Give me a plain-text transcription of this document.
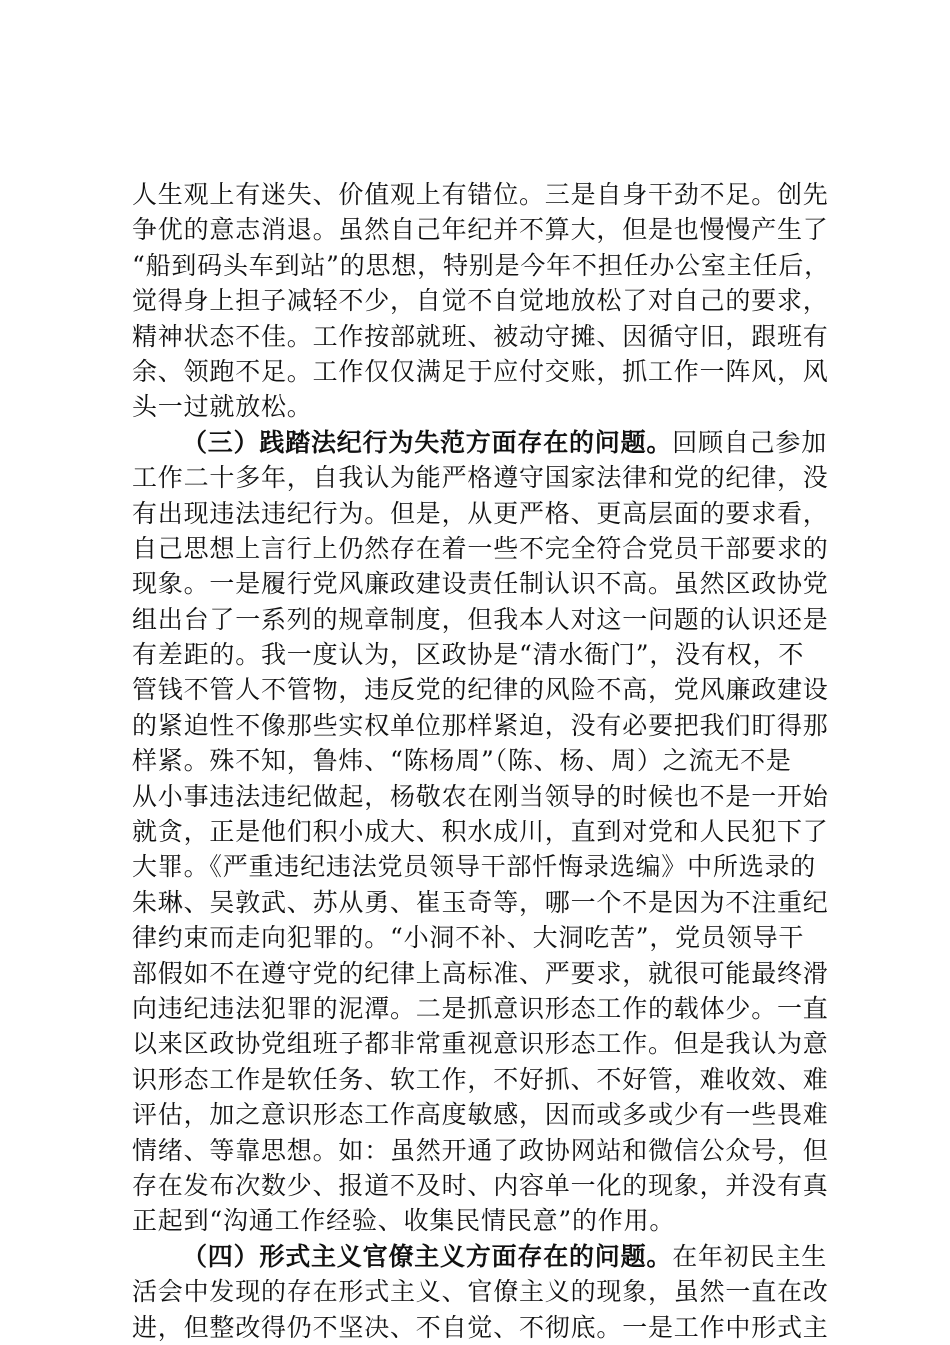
人生观上有迷失、价值观上有错位。三是自身干劲不足。创先
争优的意志消退。虽然自己年纪并不算大，但是也慢慢产生了
“船到码头车到站”的思想，特别是今年不担任办公室主任后，
觉得身上担子减轻不少，自觉不自觉地放松了对自己的要求，
精神状态不佳。工作按部就班、被动守摊、因循守旧，跟班有
余、领跑不足。工作仅仅满足于应付交账，抓工作一阵风，风
头一过就放松。
（三）践踏法纪行为失范方面存在的问题。回顾自己参加
工作二十多年，自我认为能严格遵守国家法律和党的纪律，没
有出现违法违纪行为。但是，从更严格、更高层面的要求看，
自己思想上言行上仍然存在着一些不完全符合党员干部要求的
现象。一是履行党风廉政建设责任制认识不高。虽然区政协党
组出台了一系列的规章制度，但我本人对这一问题的认识还是
有差距的。我一度认为，区政协是“清水衙门”，没有权，不
管钱不管人不管物，违反党的纪律的风险不高，党风廉政建设
的紧迫性不像那些实权单位那样紧迫，没有必要把我们盯得那
样紧。殊不知，鲁炜、“陈杨周”（陈、杨、周）之流无不是
从小事违法违纪做起，杨敬农在刚当领导的时候也不是一开始
就贪，正是他们积小成大、积水成川，直到对党和人民犯下了
大罪。《严重违纪违法党员领导干部忏悔录选编》中所选录的
朱琳、吴敦武、苏从勇、崔玉奇等，哪一个不是因为不注重纪
律约束而走向犯罪的。“小洞不补、大洞吃苦”，党员领导干
部假如不在遵守党的纪律上高标准、严要求，就很可能最终滑
向违纪违法犯罪的泥潭。二是抓意识形态工作的载体少。一直
以来区政协党组班子都非常重视意识形态工作。但是我认为意
识形态工作是软任务、软工作，不好抓、不好管，难收效、难
评估，加之意识形态工作高度敏感，因而或多或少有一些畏难
情绪、等靠思想。如：虽然开通了政协网站和微信公众号，但
存在发布次数少、报道不及时、内容单一化的现象，并没有真
正起到“沟通工作经验、收集民情民意”的作用。
（四）形式主义官僚主义方面存在的问题。在年初民主生
活会中发现的存在形式主义、官僚主义的现象，虽然一直在改
进，但整改得仍不坚决、不自觉、不彻底。一是工作中形式主
